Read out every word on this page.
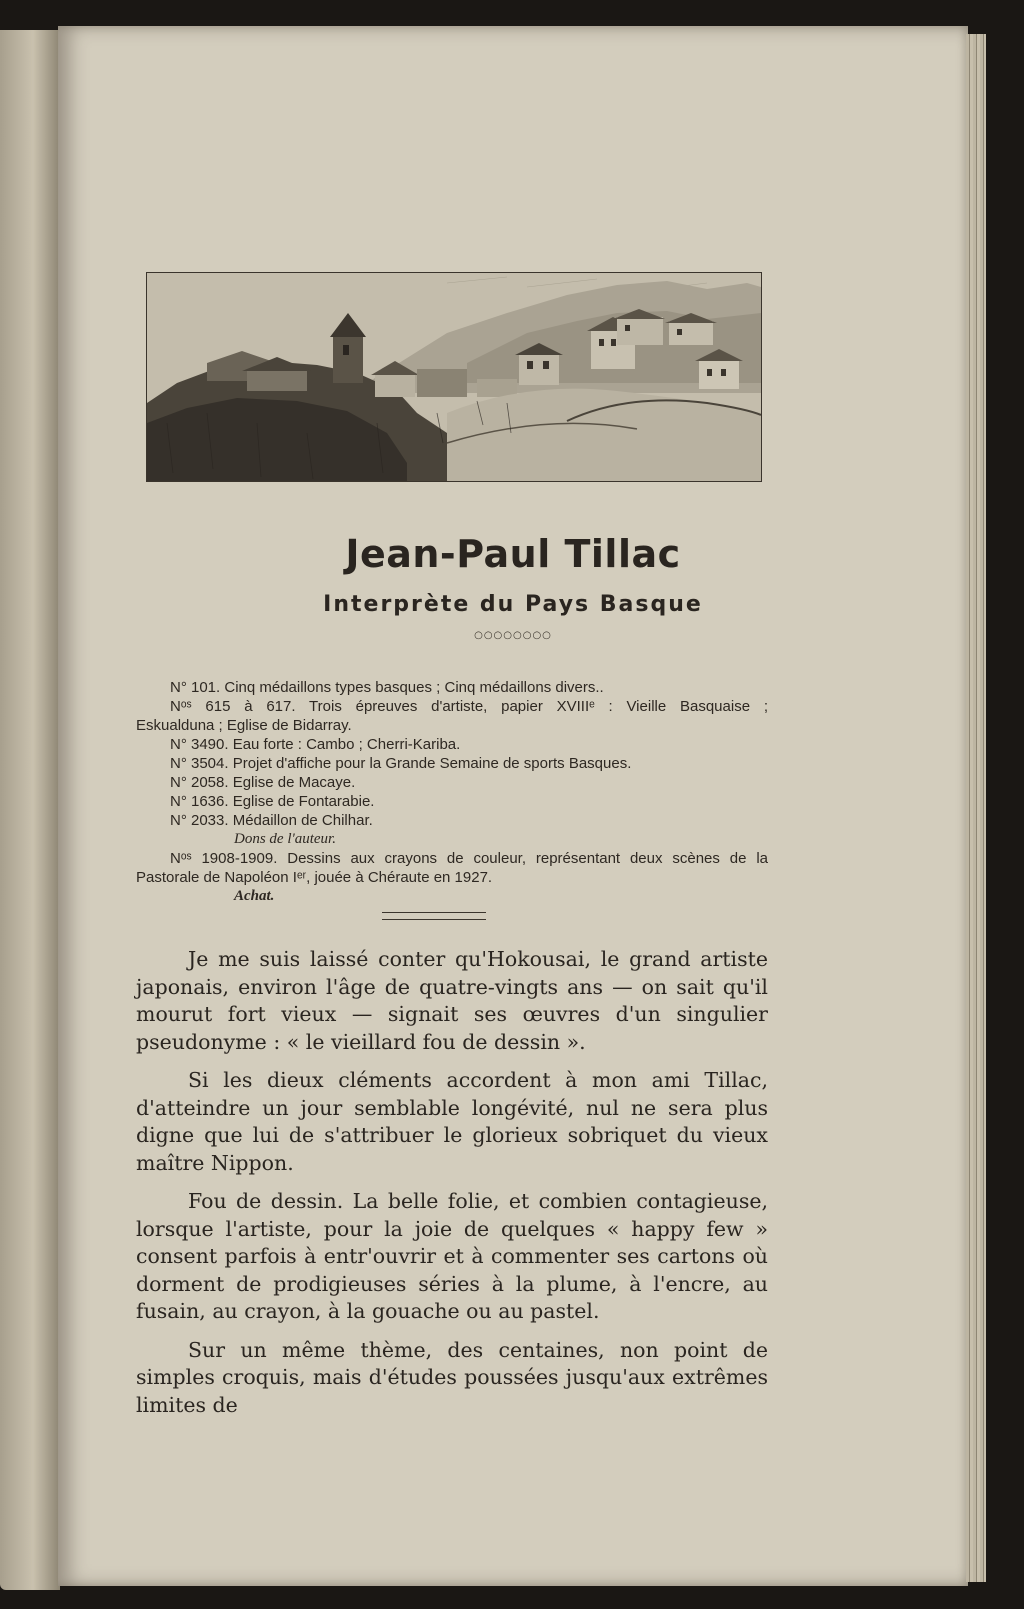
Jean-Paul Tillac
Interprète du Pays Basque
○○○○○○○○
N° 101. Cinq médaillons types basques ; Cinq médaillons divers..
Nᵒˢ 615 à 617. Trois épreuves d'artiste, papier XVIIIᵉ : Vieille Basquaise ;
Eskualduna ; Eglise de Bidarray.
N° 3490. Eau forte : Cambo ; Cherri-Kariba.
N° 3504. Projet d'affiche pour la Grande Semaine de sports Basques.
N° 2058. Eglise de Macaye.
N° 1636. Eglise de Fontarabie.
N° 2033. Médaillon de Chilhar.
Dons de l'auteur.
Nᵒˢ 1908-1909. Dessins aux crayons de couleur, représentant deux scènes de la
Pastorale de Napoléon Iᵉʳ, jouée à Chéraute en 1927.
Achat.

Je me suis laissé conter qu'Hokousai, le grand artiste japonais, environ l'âge de quatre-vingts ans — on sait qu'il mourut fort vieux — signait ses œuvres d'un singulier pseudonyme : « le vieillard fou de dessin ».

Si les dieux cléments accordent à mon ami Tillac, d'atteindre un jour semblable longévité, nul ne sera plus digne que lui de s'attribuer le glorieux sobriquet du vieux maître Nippon.

Fou de dessin. La belle folie, et combien contagieuse, lorsque l'artiste, pour la joie de quelques « happy few » consent parfois à entr'ouvrir et à commenter ses cartons où dorment de prodigieuses séries à la plume, à l'encre, au fusain, au crayon, à la gouache ou au pastel.

Sur un même thème, des centaines, non point de simples croquis, mais d'études poussées jusqu'aux extrêmes limites de
